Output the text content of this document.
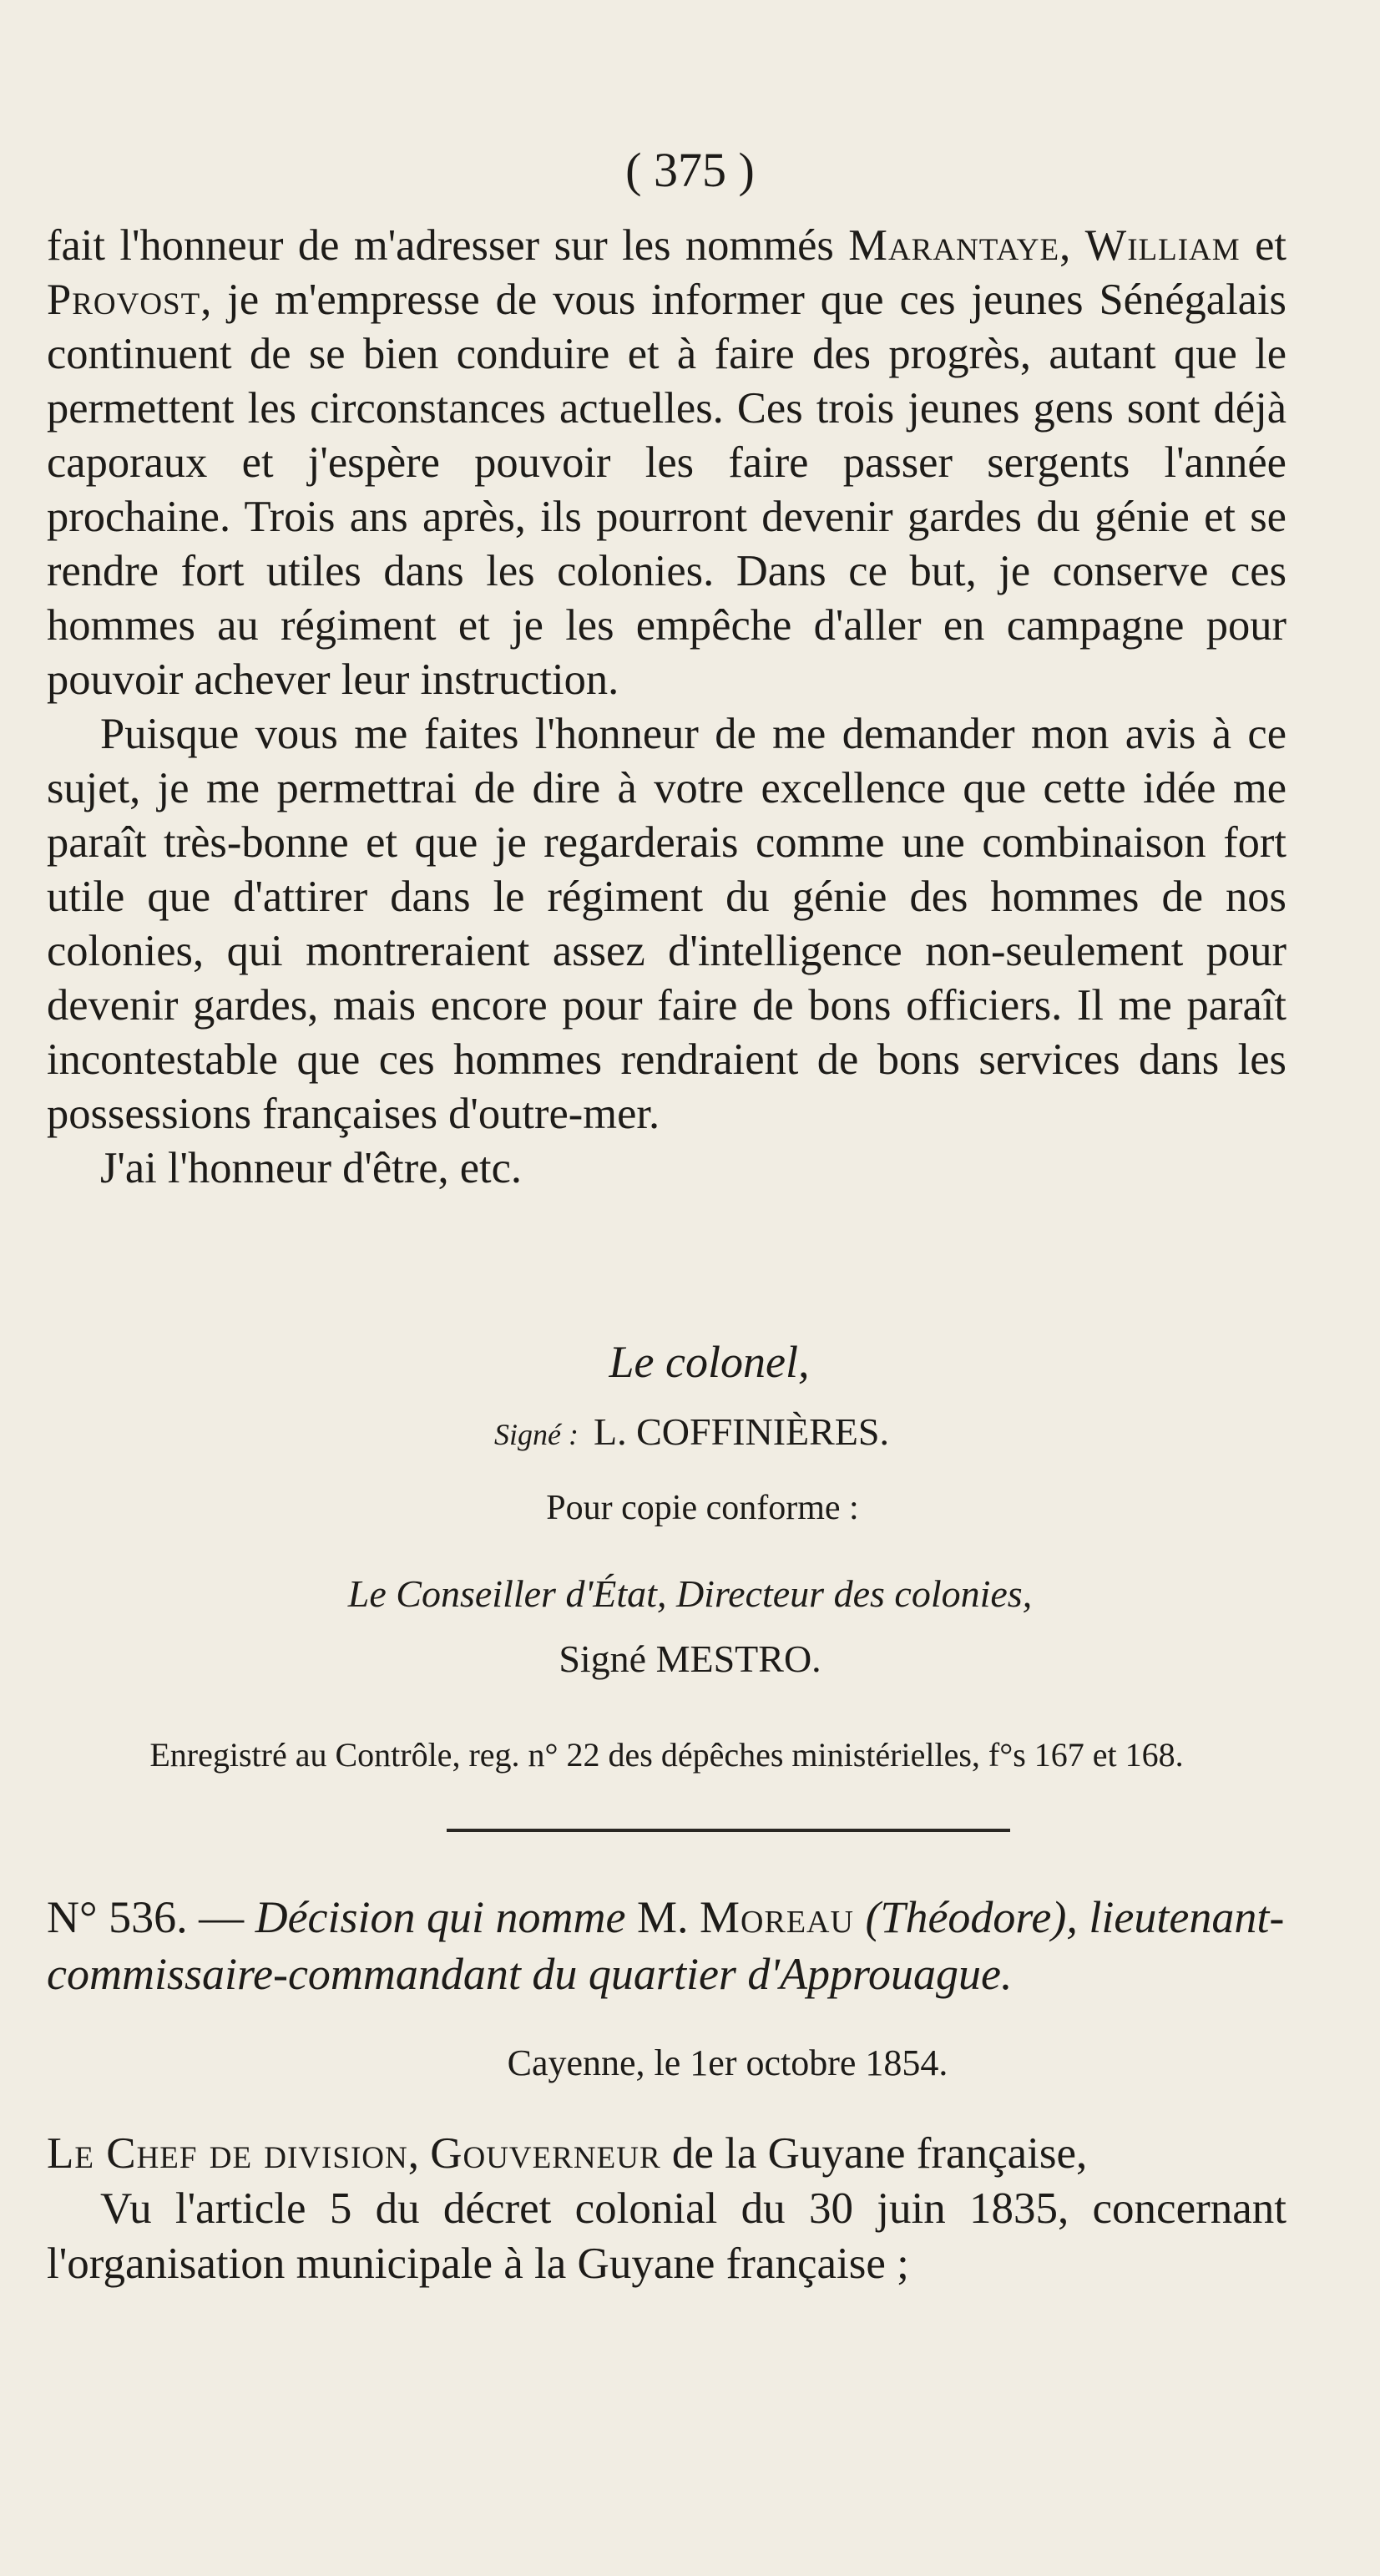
( 375 )

fait l'honneur de m'adresser sur les nommés Marantaye, William et Provost, je m'empresse de vous informer que ces jeunes Sénégalais continuent de se bien conduire et à faire des progrès, autant que le permettent les circonstances actuelles. Ces trois jeunes gens sont déjà caporaux et j'espère pouvoir les faire passer sergents l'année prochaine. Trois ans après, ils pourront devenir gardes du génie et se rendre fort utiles dans les colonies. Dans ce but, je conserve ces hommes au régiment et je les empêche d'aller en campagne pour pouvoir achever leur instruction.

Puisque vous me faites l'honneur de me demander mon avis à ce sujet, je me permettrai de dire à votre excellence que cette idée me paraît très-bonne et que je regarderais comme une combinaison fort utile que d'attirer dans le régiment du génie des hommes de nos colonies, qui montreraient assez d'intelligence non-seulement pour devenir gardes, mais encore pour faire de bons officiers. Il me paraît incontestable que ces hommes rendraient de bons services dans les possessions françaises d'outre-mer.

J'ai l'honneur d'être, etc.

Le colonel,
Signé : L. COFFINIÈRES.
Pour copie conforme :
Le Conseiller d'État, Directeur des colonies,
Signé MESTRO.
Enregistré au Contrôle, reg. n° 22 des dépêches ministérielles, f°s 167 et 168.
N° 536. — Décision qui nomme M. Moreau (Théodore), lieutenant-commissaire-commandant du quartier d'Approuague.
Cayenne, le 1er octobre 1854.

Le Chef de division, Gouverneur de la Guyane française,

Vu l'article 5 du décret colonial du 30 juin 1835, concernant l'organisation municipale à la Guyane française ;
